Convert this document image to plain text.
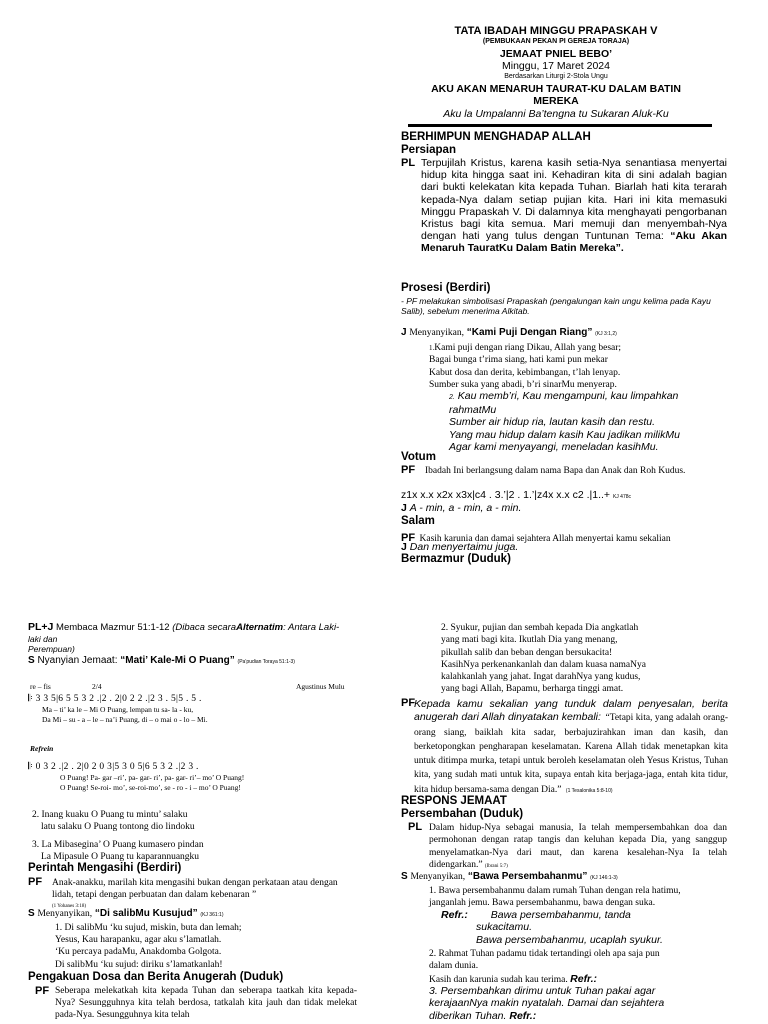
TATA IBADAH MINGGU PRAPASKAH V
(PEMBUKAAN PEKAN PI GEREJA TORAJA)
JEMAAT PNIEL BEBO’
Minggu, 17 Maret 2024
Berdasarkan Liturgi 2-Stola Ungu
AKU AKAN MENARUH TAURAT-KU DALAM BATIN
MEREKA
Aku la Umpalanni Ba’tengna tu Sukaran Aluk-Ku
BERHIMPUN MENGHADAP ALLAH
Persiapan
PL Terpujilah Kristus, karena kasih setia-Nya senantiasa menyertai hidup kita hingga saat ini. Kehadiran kita di sini adalah bagian dari bukti kelekatan kita kepada Tuhan. Biarlah hati kita terarah kepada-Nya dalam setiap pujian kita. Hari ini kita memasuki Minggu Prapaskah V. Di dalamnya kita menghayati pengorbanan Kristus bagi kita semua. Mari memuji dan menyembah-Nya dengan hati yang tulus dengan Tuntunan Tema: “Aku Akan Menaruh TauratKu Dalam Batin Mereka”.
Prosesi (Berdiri)
- PF melakukan simbolisasi Prapaskah (pengalungan kain ungu kelima pada Kayu
Salib), sebelum menerima Alkitab.
J Menyanyikan, “Kami Puji Dengan Riang” (KJ 3:1,2)
1.Kami puji dengan riang Dikau, Allah yang besar;
Bagai bunga t’rima siang, hati kami pun mekar
Kabut dosa dan derita, kebimbangan, t’lah lenyap.
Sumber suka yang abadi, b’ri sinarMu menyerap.
2. Kau memb’ri, Kau mengampuni, kau limpahkan rahmatMu
Sumber air hidup ria, lautan kasih dan restu.
Yang mau hidup dalam kasih Kau jadikan milikMu
Agar kami menyayangi, meneladan kasihMu.
Votum
PF Ibadah Ini berlangsung dalam nama Bapa dan Anak dan Roh Kudus.
z1x x.x x2x x3x|c4 . 3.’|2 . 1.’|z4x x.x c2 .|1..+ KJ 478c
J A - min, a - min, a - min.
Salam
PF Kasih karunia dan damai sejahtera Allah menyertai kamu sekalian
J Dan menyertaimu juga.
Bermazmur (Duduk)
PL+J Membaca Mazmur 51:1-12 (Dibaca secaraAlternatim: Antara Laki-
laki dan
Perempuan)
S Nyanyian Jemaat: “Mati’ Kale-Mi O Puang” (Pa’pudian Toraya 51:1-3)
re – fis	2/4	Agustinus Mulu
𝄆 3 3 5|6 5 5 3 2 .|2 . 2|0 2 2 .|2 3 . 5|5 . 5 .
Ma – ti’ ka le – Mi O Puang, lempan tu sa- la - ku,
Da Mi – su - a – le – na’i Puang, di – o mai o - lo – Mi.
Refrein
𝄆 0 3 2 .|2 . 2|0 2 0 3|5 3 0 5|6 5 3 2 .|2 3 .
O Puang! Pa- gar –ri’, pa- gar- ri’, pa- gar- ri’– mo’ O Puang!
O Puang! Se-roi- mo’, se-roi-mo’, se - ro - i – mo’ O Puang!
2. Inang kuaku O Puang tu mintu’ salaku
latu salaku O Puang tontong dio lindoku
3. La Mibasegina’ O Puang kumasero pindan
La Mipasule O Puang tu kaparannuangku
Perintah Mengasihi (Berdiri)
PF Anak-anakku, marilah kita mengasihi bukan dengan perkataan atau dengan lidah, tetapi dengan perbuatan dan dalam kebenaran ”
(1 Yohanes 3:18)
S Menyanyikan, “Di salibMu Kusujud” (KJ 361:1)
1. Di salibMu ‘ku sujud, miskin, buta dan lemah;
Yesus, Kau harapanku, agar aku s’lamatlah.
‘Ku percaya padaMu, Anakdomba Golgota.
Di salibMu ‘ku sujud: diriku s’lamatkanlah!
Pengakuan Dosa dan Berita Anugerah (Duduk)
PF Seberapa melekatkah kita kepada Tuhan dan seberapa taatkah kita kepada-Nya? Sesungguhnya kita telah berdosa, tatkalah kita jauh dan tidak melekat pada-Nya. Sesungguhnya kita telah
2. Syukur, pujian dan sembah kepada Dia angkatlah
yang mati bagi kita. Ikutlah Dia yang menang,
pikullah salib dan beban dengan bersukacita!
KasihNya perkenankanlah dan dalam kuasa namaNya
kalahkanlah yang jahat. Ingat darahNya yang kudus,
yang bagi Allah, Bapamu, berharga tinggi amat.
PF
Kepada kamu sekalian yang tunduk dalam penyesalan, berita anugerah dari Allah dinyatakan kembali: “Tetapi kita, yang adalah orang-orang siang, baiklah kita sadar, berbajuzirahkan iman dan kasih, dan berketopongkan pengharapan keselamatan. Karena Allah tidak menetapkan kita untuk ditimpa murka, tetapi untuk beroleh keselamatan oleh Yesus Kristus, Tuhan kita, yang sudah mati untuk kita, supaya entah kita berjaga-jaga, entah kita tidur, kita hidup bersama-sama dengan Dia.” (1 Tesalonika 5:8-10)
RESPONS JEMAAT
Persembahan (Duduk)
PL Dalam hidup-Nya sebagai manusia, Ia telah mempersembahkan doa dan permohonan dengan ratap tangis dan keluhan kepada Dia, yang sanggup menyelamatkan-Nya dari maut, dan karena kesalehan-Nya Ia telah didengarkan.” (Ibrani 5:7)
S Menyanyikan, “Bawa Persembahanmu” (KJ 146:1-3)
1. Bawa persembahanmu dalam rumah Tuhan dengan rela hatimu,
janganlah jemu. Bawa persembahanmu, bawa dengan suka.
Refr.: Bawa persembahanmu, tanda
sukacitamu.
Bawa persembahanmu, ucaplah syukur.
2. Rahmat Tuhan padamu tidak tertandingi oleh apa saja pun
dalam dunia.
Kasih dan karunia sudah kau terima. Refr.:
3. Persembahkan dirimu untuk Tuhan pakai agar
kerajaanNya makin nyatalah. Damai dan sejahtera
diberikan Tuhan. Refr.:
